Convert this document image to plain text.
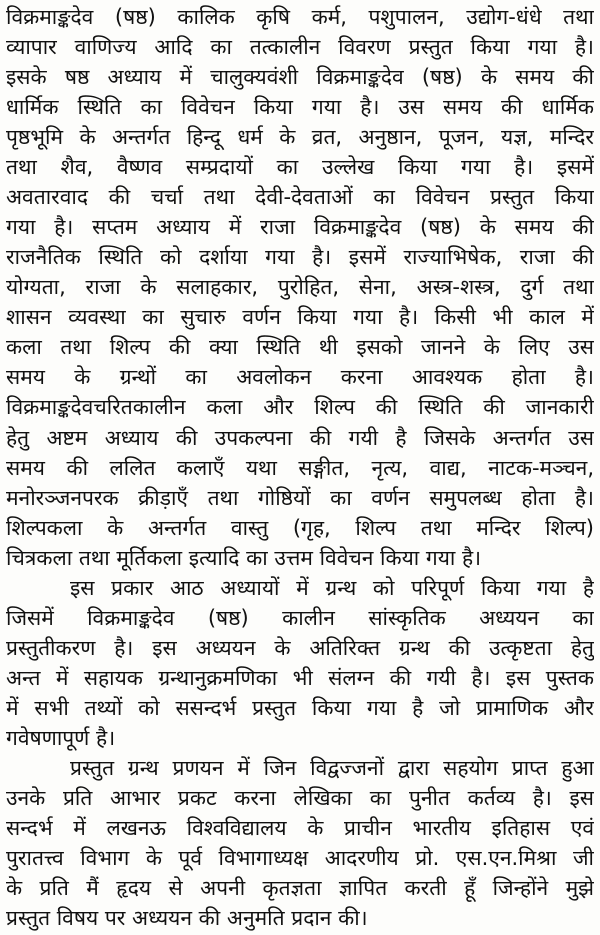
विक्रमाङ्कदेव (षष्ठ) कालिक कृषि कर्म, पशुपालन, उद्योग-धंधे तथा
व्यापार वाणिज्य आदि का तत्कालीन विवरण प्रस्तुत किया गया है।
इसके षष्ठ अध्याय में चालुक्यवंशी विक्रमाङ्कदेव (षष्ठ) के समय की
धार्मिक स्थिति का विवेचन किया गया है। उस समय की धार्मिक
पृष्ठभूमि के अन्तर्गत हिन्दू धर्म के व्रत, अनुष्ठान, पूजन, यज्ञ, मन्दिर
तथा शैव, वैष्णव सम्प्रदायों का उल्लेख किया गया है। इसमें
अवतारवाद की चर्चा तथा देवी-देवताओं का विवेचन प्रस्तुत किया
गया है। सप्तम अध्याय में राजा विक्रमाङ्कदेव (षष्ठ) के समय की
राजनैतिक स्थिति को दर्शाया गया है। इसमें राज्याभिषेक, राजा की
योग्यता, राजा के सलाहकार, पुरोहित, सेना, अस्त्र-शस्त्र, दुर्ग तथा
शासन व्यवस्था का सुचारु वर्णन किया गया है। किसी भी काल में
कला तथा शिल्प की क्या स्थिति थी इसको जानने के लिए उस
समय के ग्रन्थों का अवलोकन करना आवश्यक होता है।
विक्रमाङ्कदेवचरितकालीन कला और शिल्प की स्थिति की जानकारी
हेतु अष्टम अध्याय की उपकल्पना की गयी है जिसके अन्तर्गत उस
समय की ललित कलाएँ यथा सङ्गीत, नृत्य, वाद्य, नाटक-मञ्चन,
मनोरञ्जनपरक क्रीड़ाएँ तथा गोष्ठियों का वर्णन समुपलब्ध होता है।
शिल्पकला के अन्तर्गत वास्तु (गृह, शिल्प तथा मन्दिर शिल्प)
चित्रकला तथा मूर्तिकला इत्यादि का उत्तम विवेचन किया गया है।
इस प्रकार आठ अध्यायों में ग्रन्थ को परिपूर्ण किया गया है
जिसमें विक्रमाङ्कदेव (षष्ठ) कालीन सांस्कृतिक अध्ययन का
प्रस्तुतीकरण है। इस अध्ययन के अतिरिक्त ग्रन्थ की उत्कृष्टता हेतु
अन्त में सहायक ग्रन्थानुक्रमणिका भी संलग्न की गयी है। इस पुस्तक
में सभी तथ्यों को ससन्दर्भ प्रस्तुत किया गया है जो प्रामाणिक और
गवेषणापूर्ण है।
प्रस्तुत ग्रन्थ प्रणयन में जिन विद्वज्जनों द्वारा सहयोग प्राप्त हुआ
उनके प्रति आभार प्रकट करना लेखिका का पुनीत कर्तव्य है। इस
सन्दर्भ में लखनऊ विश्वविद्यालय के प्राचीन भारतीय इतिहास एवं
पुरातत्त्व विभाग के पूर्व विभागाध्यक्ष आदरणीय प्रो. एस.एन.मिश्रा जी
के प्रति मैं हृदय से अपनी कृतज्ञता ज्ञापित करती हूँ जिन्होंने मुझे
प्रस्तुत विषय पर अध्ययन की अनुमति प्रदान की।
